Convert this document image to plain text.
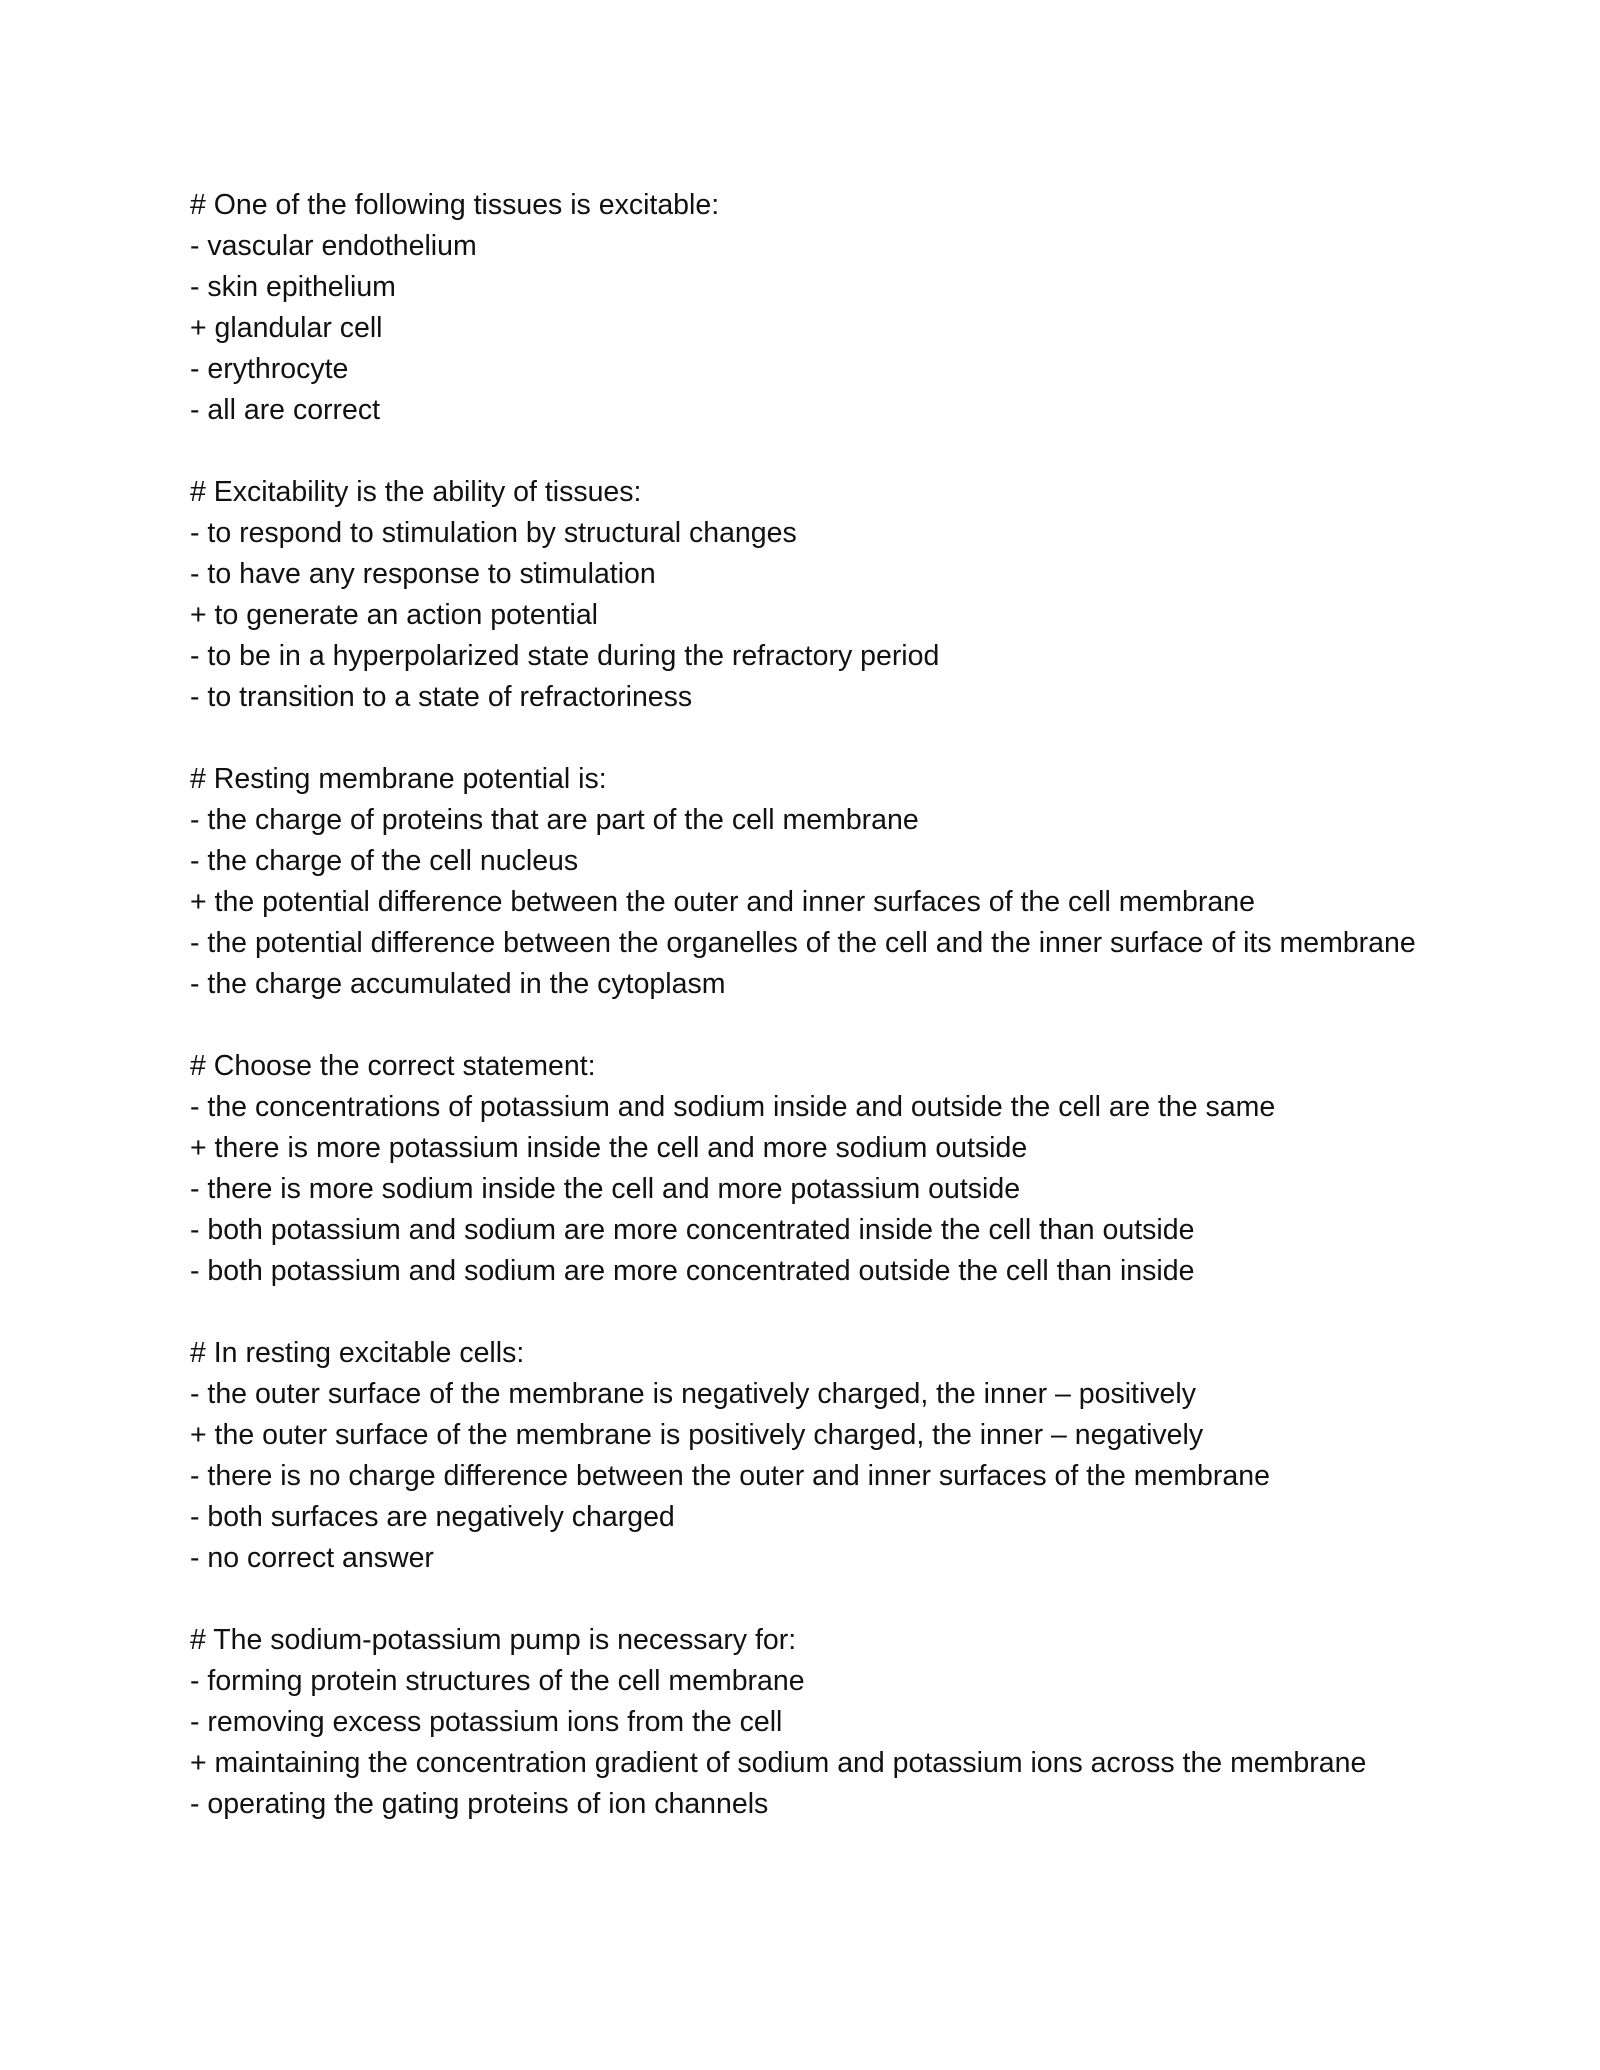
# One of the following tissues is excitable:

- vascular endothelium

- skin epithelium

+ glandular cell

- erythrocyte

- all are correct

# Excitability is the ability of tissues:

- to respond to stimulation by structural changes

- to have any response to stimulation

+ to generate an action potential

- to be in a hyperpolarized state during the refractory period

- to transition to a state of refractoriness

# Resting membrane potential is:

- the charge of proteins that are part of the cell membrane

- the charge of the cell nucleus

+ the potential difference between the outer and inner surfaces of the cell membrane

- the potential difference between the organelles of the cell and the inner surface of its membrane

- the charge accumulated in the cytoplasm

# Choose the correct statement:

- the concentrations of potassium and sodium inside and outside the cell are the same

+ there is more potassium inside the cell and more sodium outside

- there is more sodium inside the cell and more potassium outside

- both potassium and sodium are more concentrated inside the cell than outside

- both potassium and sodium are more concentrated outside the cell than inside

# In resting excitable cells:

- the outer surface of the membrane is negatively charged, the inner – positively

+ the outer surface of the membrane is positively charged, the inner – negatively

- there is no charge difference between the outer and inner surfaces of the membrane

- both surfaces are negatively charged

- no correct answer

# The sodium-potassium pump is necessary for:

- forming protein structures of the cell membrane

- removing excess potassium ions from the cell

+ maintaining the concentration gradient of sodium and potassium ions across the membrane

- operating the gating proteins of ion channels
